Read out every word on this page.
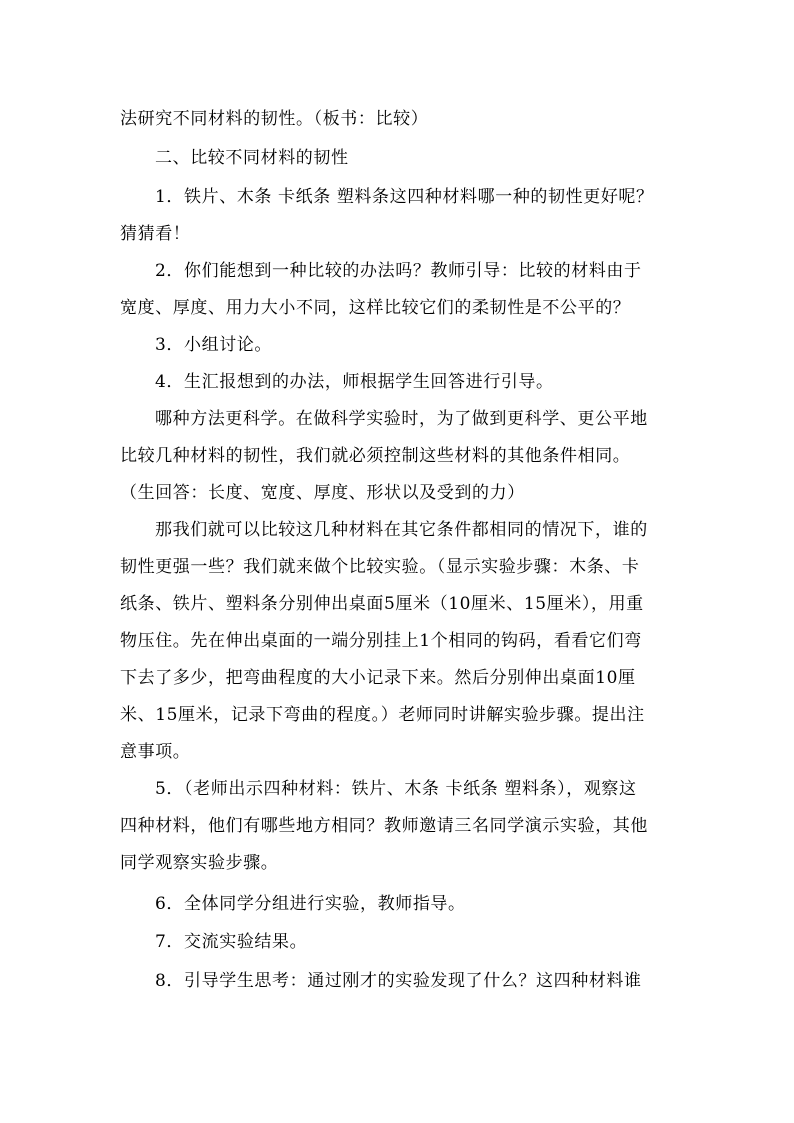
法研究不同材料的韧性。（板书：比较）
二、比较不同材料的韧性
1．铁片、木条 卡纸条 塑料条这四种材料哪一种的韧性更好呢？
猜猜看！
2．你们能想到一种比较的办法吗？教师引导：比较的材料由于
宽度、厚度、用力大小不同，这样比较它们的柔韧性是不公平的？
3．小组讨论。
4．生汇报想到的办法，师根据学生回答进行引导。
哪种方法更科学。在做科学实验时，为了做到更科学、更公平地
比较几种材料的韧性，我们就必须控制这些材料的其他条件相同。
（生回答：长度、宽度、厚度、形状以及受到的力）
那我们就可以比较这几种材料在其它条件都相同的情况下，谁的
韧性更强一些？我们就来做个比较实验。（显示实验步骤：木条、卡
纸条、铁片、塑料条分别伸出桌面5厘米（10厘米、15厘米），用重
物压住。先在伸出桌面的一端分别挂上1个相同的钩码，看看它们弯
下去了多少，把弯曲程度的大小记录下来。然后分别伸出桌面10厘
米、15厘米，记录下弯曲的程度。）老师同时讲解实验步骤。提出注
意事项。
5．（老师出示四种材料：铁片、木条 卡纸条 塑料条），观察这
四种材料，他们有哪些地方相同？教师邀请三名同学演示实验，其他
同学观察实验步骤。
6．全体同学分组进行实验，教师指导。
7．交流实验结果。
8．引导学生思考：通过刚才的实验发现了什么？这四种材料谁
